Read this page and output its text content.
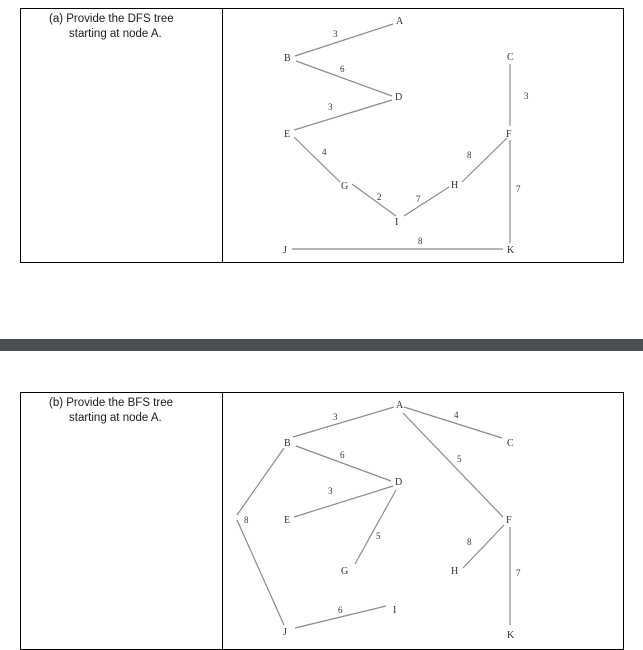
(a) Provide the DFS tree
starting at node A.
A
B	C
D
E	F
G	H
I
J	K
3
6
3
4
2	7
8
3
7
8
(b) Provide the BFS tree
starting at node A.
A
B	C
D
E	F
G	H
I
J	K
3	4
5
6
3
5
8
8
7
6
